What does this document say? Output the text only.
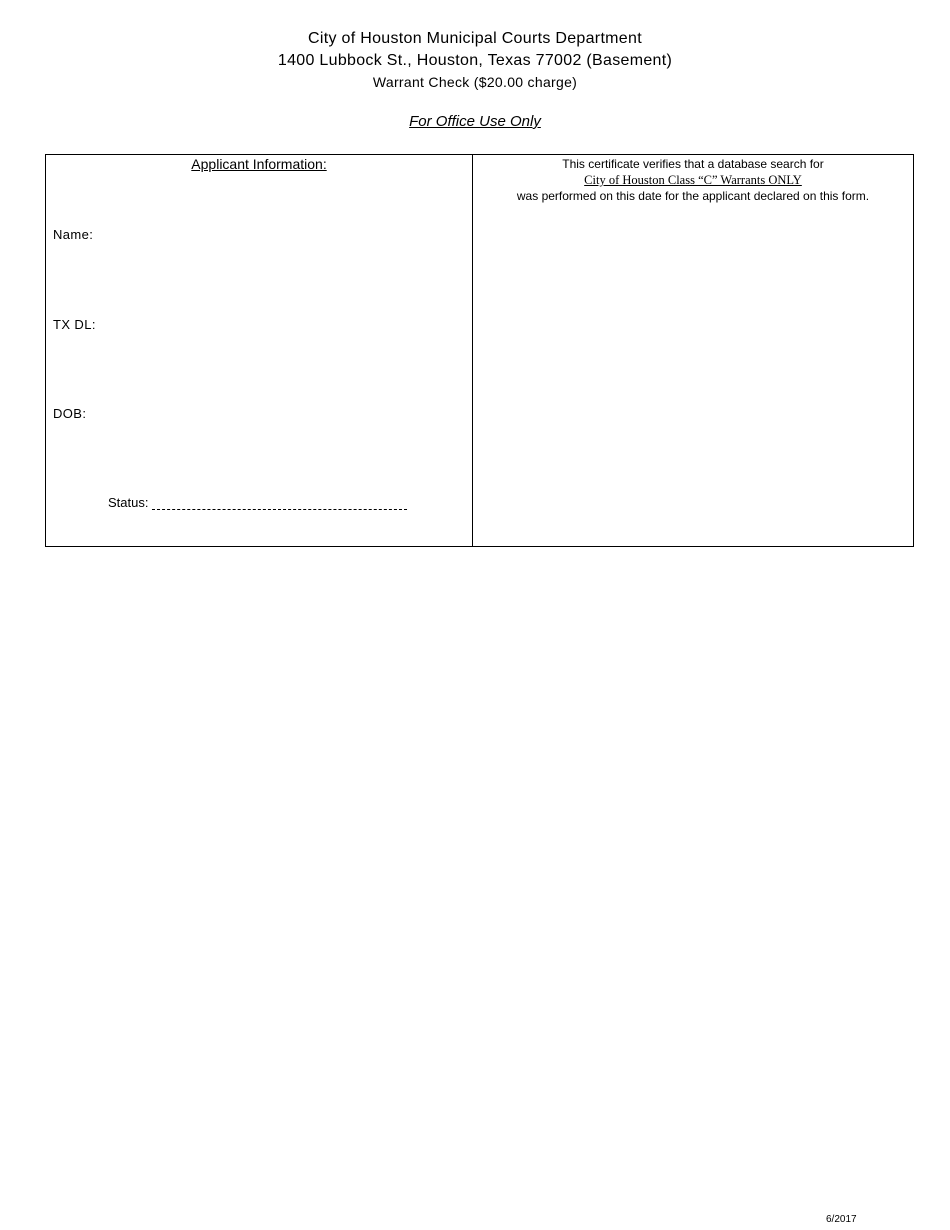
City of Houston Municipal Courts Department
1400 Lubbock St., Houston, Texas 77002 (Basement)
Warrant Check ($20.00 charge)
For Office Use Only
Applicant Information:
Name:
TX DL:
DOB:
Status:
This certificate verifies that a database search for
City of Houston Class “C” Warrants ONLY
was performed on this date for the applicant declared on this form.
6/2017
